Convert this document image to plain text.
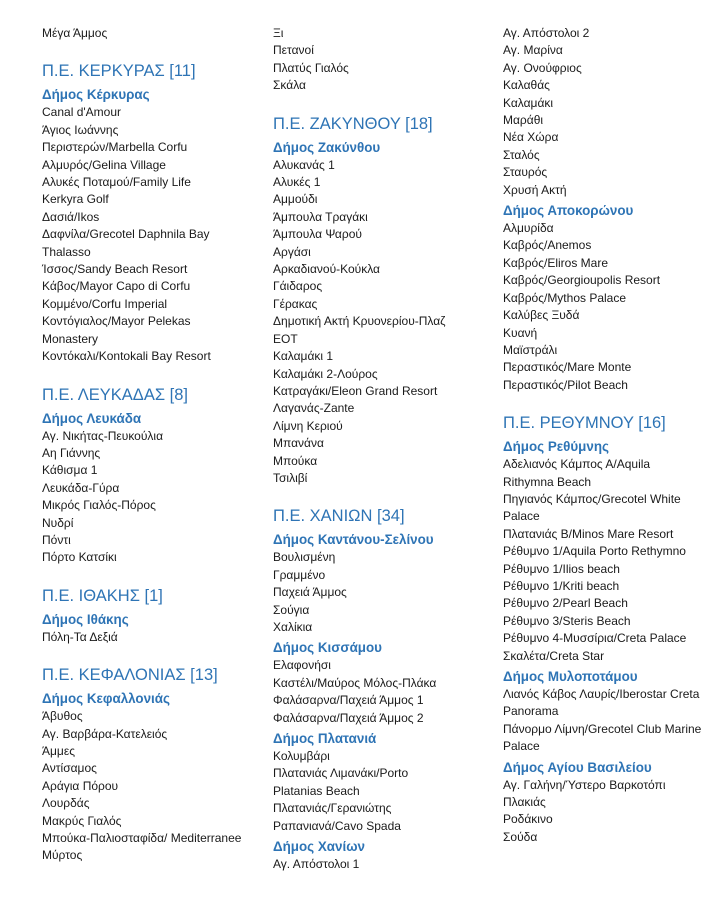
Μέγα Άμμος
Π.Ε. ΚΕΡΚΥΡΑΣ [11]
Δήμος Κέρκυρας
Canal d'Amour
Άγιος Ιωάννης
Περιστερών/Marbella Corfu
Αλμυρός/Gelina Village
Αλυκές Ποταμού/Family Life
Kerkyra Golf
Δασιά/Ikos
Δαφνίλα/Grecotel Daphnila Bay Thalasso
Ίσσος/Sandy Beach Resort
Κάβος/Mayor Capo di Corfu
Κομμένο/Corfu Imperial
Κοντόγιαλος/Mayor Pelekas Monastery
Κοντόκαλι/Kontokali Bay Resort
Π.Ε. ΛΕΥΚΑΔΑΣ [8]
Δήμος Λευκάδα
Αγ. Νικήτας-Πευκούλια
Αη Γιάννης
Κάθισμα 1
Λευκάδα-Γύρα
Μικρός Γιαλός-Πόρος
Νυδρί
Πόντι
Πόρτο Κατσίκι
Π.Ε. ΙΘΑΚΗΣ [1]
Δήμος Ιθάκης
Πόλη-Τα Δεξιά
Π.Ε. ΚΕΦΑΛΟΝΙΑΣ [13]
Δήμος Κεφαλλονιάς
Άβυθος
Αγ. Βαρβάρα-Κατελειός
Άμμες
Αντίσαμος
Αράγια Πόρου
Λουρδάς
Μακρύς Γιαλός
Μπούκα-Παλιοσταφίδα/ Mediterranee
Μύρτος
Ξι
Πετανοί
Πλατύς Γιαλός
Σκάλα
Π.Ε. ΖΑΚΥΝΘΟΥ [18]
Δήμος Ζακύνθου
Αλυκανάς 1
Αλυκές 1
Αμμούδι
Άμπουλα Τραγάκι
Άμπουλα Ψαρού
Αργάσι
Αρκαδιανού-Κούκλα
Γάιδαρος
Γέρακας
Δημοτική Ακτή Κρυονερίου-Πλαζ
ΕΟΤ
Καλαμάκι 1
Καλαμάκι 2-Λούρος
Κατραγάκι/Eleon Grand Resort
Λαγανάς-Zante
Λίμνη Κεριού
Μπανάνα
Μπούκα
Τσιλιβί
Π.Ε. ΧΑΝΙΩΝ [34]
Δήμος Καντάνου-Σελίνου
Βουλισμένη
Γραμμένο
Παχειά Άμμος
Σούγια
Χαλίκια
Δήμος Κισσάμου
Ελαφονήσι
Καστέλι/Μαύρος Μόλος-Πλάκα
Φαλάσαρνα/Παχειά Άμμος 1
Φαλάσαρνα/Παχειά Άμμος 2
Δήμος Πλατανιά
Κολυμβάρι
Πλατανιάς Λιμανάκι/Porto
Platanias Beach
Πλατανιάς/Γερανιώτης
Ραπανιανά/Cavo Spada
Δήμος Χανίων
Αγ. Απόστολοι 1
Αγ. Απόστολοι 2
Αγ. Μαρίνα
Αγ. Ονούφριος
Καλαθάς
Καλαμάκι
Μαράθι
Νέα Χώρα
Σταλός
Σταυρός
Χρυσή Ακτή
Δήμος Αποκορώνου
Αλμυρίδα
Καβρός/Anemos
Καβρός/Eliros Mare
Καβρός/Georgioupolis Resort
Καβρός/Mythos Palace
Καλύβες Ξυδά
Κυανή
Μαϊστράλι
Περαστικός/Mare Monte
Περαστικός/Pilot Beach
Π.Ε. ΡΕΘΥΜΝΟΥ [16]
Δήμος Ρεθύμνης
Αδελιανός Κάμπος Α/Aquila Rithymna Beach
Πηγιανός Κάμπος/Grecotel White Palace
Πλατανιάς Β/Minos Mare Resort
Ρέθυμνο 1/Aquila Porto Rethymno
Ρέθυμνο 1/Ilios beach
Ρέθυμνο 1/Kriti beach
Ρέθυμνο 2/Pearl Beach
Ρέθυμνο 3/Steris Beach
Ρέθυμνο 4-Μυσσίρια/Creta Palace
Σκαλέτα/Creta Star
Δήμος Μυλοποτάμου
Λιανός Κάβος Λαυρίς/Iberostar Creta Panorama
Πάνορμο Λίμνη/Grecotel Club Marine Palace
Δήμος Αγίου Βασιλείου
Αγ. Γαλήνη/Ύστερο Βαρκοτόπι
Πλακιάς
Ροδάκινο
Σούδα
